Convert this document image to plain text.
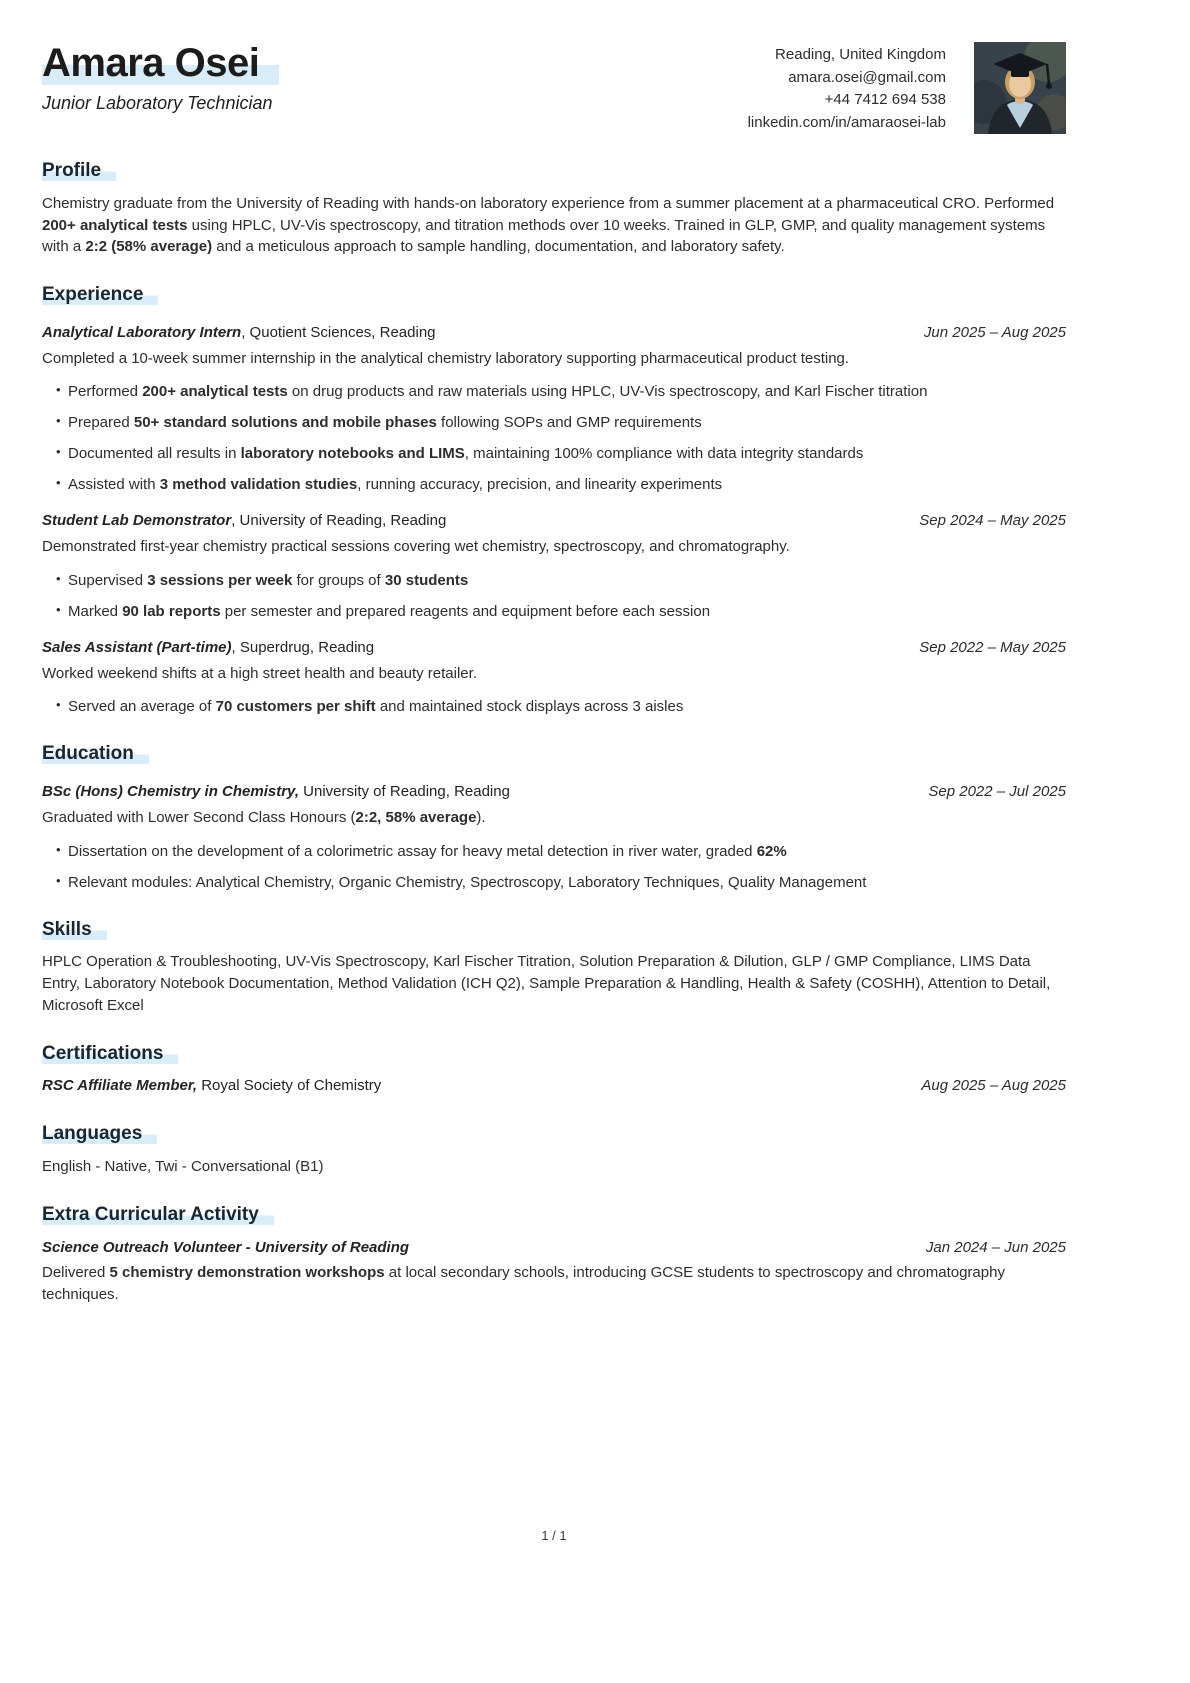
Amara Osei
Junior Laboratory Technician
Reading, United Kingdom
amara.osei@gmail.com
+44 7412 694 538
linkedin.com/in/amaraosei-lab
Profile

Chemistry graduate from the University of Reading with hands-on laboratory experience from a summer placement at a pharmaceutical CRO. Performed 200+ analytical tests using HPLC, UV-Vis spectroscopy, and titration methods over 10 weeks. Trained in GLP, GMP, and quality management systems with a 2:2 (58% average) and a meticulous approach to sample handling, documentation, and laboratory safety.

Experience
Analytical Laboratory Intern, Quotient Sciences, Reading	Jun 2025 – Aug 2025

Completed a 10-week summer internship in the analytical chemistry laboratory supporting pharmaceutical product testing.

• Performed 200+ analytical tests on drug products and raw materials using HPLC, UV-Vis spectroscopy, and Karl Fischer titration
• Prepared 50+ standard solutions and mobile phases following SOPs and GMP requirements
• Documented all results in laboratory notebooks and LIMS, maintaining 100% compliance with data integrity standards
• Assisted with 3 method validation studies, running accuracy, precision, and linearity experiments
Student Lab Demonstrator, University of Reading, Reading	Sep 2024 – May 2025

Demonstrated first-year chemistry practical sessions covering wet chemistry, spectroscopy, and chromatography.

• Supervised 3 sessions per week for groups of 30 students
• Marked 90 lab reports per semester and prepared reagents and equipment before each session
Sales Assistant (Part-time), Superdrug, Reading	Sep 2022 – May 2025

Worked weekend shifts at a high street health and beauty retailer.

• Served an average of 70 customers per shift and maintained stock displays across 3 aisles
Education
BSc (Hons) Chemistry in Chemistry, University of Reading, Reading	Sep 2022 – Jul 2025

Graduated with Lower Second Class Honours (2:2, 58% average).

• Dissertation on the development of a colorimetric assay for heavy metal detection in river water, graded 62%
• Relevant modules: Analytical Chemistry, Organic Chemistry, Spectroscopy, Laboratory Techniques, Quality Management
Skills

HPLC Operation & Troubleshooting, UV-Vis Spectroscopy, Karl Fischer Titration, Solution Preparation & Dilution, GLP / GMP Compliance, LIMS Data Entry, Laboratory Notebook Documentation, Method Validation (ICH Q2), Sample Preparation & Handling, Health & Safety (COSHH), Attention to Detail, Microsoft Excel

Certifications
RSC Affiliate Member, Royal Society of Chemistry	Aug 2025 – Aug 2025
Languages

English - Native, Twi - Conversational (B1)

Extra Curricular Activity
Science Outreach Volunteer - University of Reading	Jan 2024 – Jun 2025

Delivered 5 chemistry demonstration workshops at local secondary schools, introducing GCSE students to spectroscopy and chromatography techniques.

1 / 1
